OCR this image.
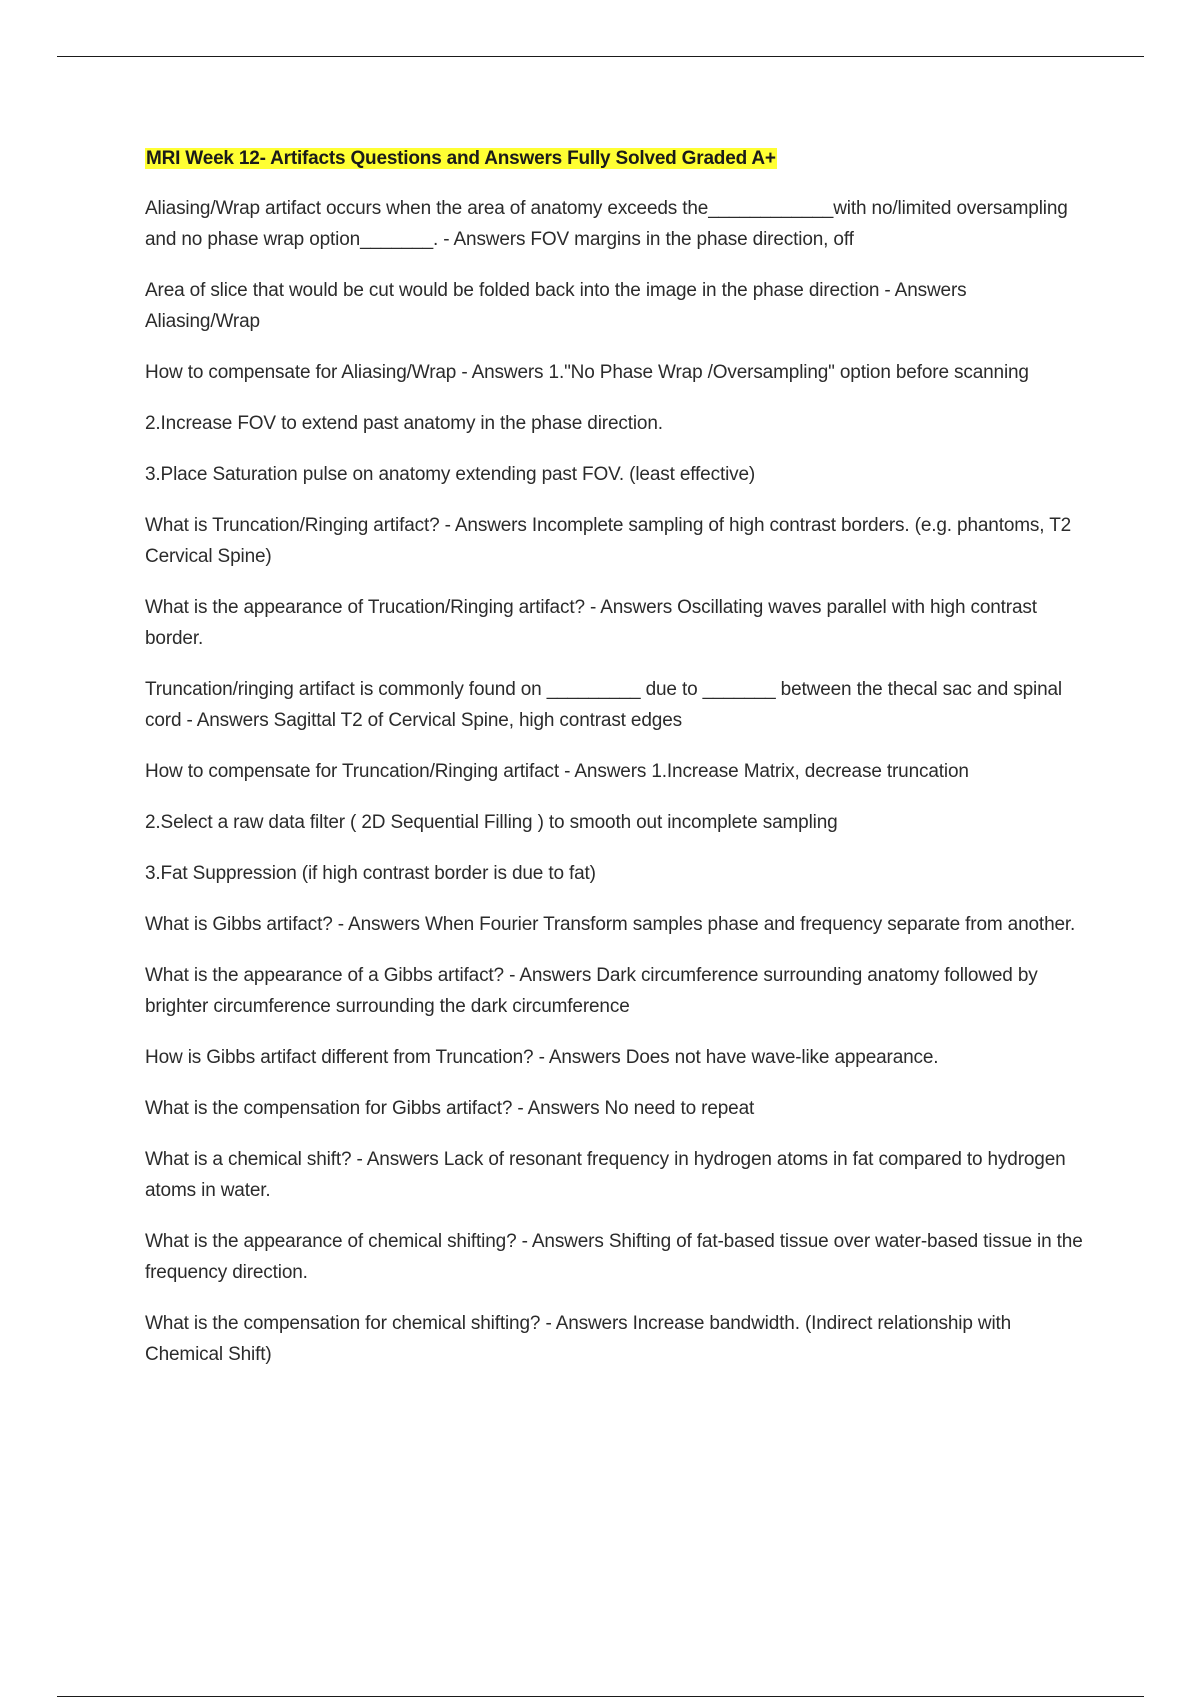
MRI Week 12- Artifacts Questions and Answers Fully Solved Graded A+

Aliasing/Wrap artifact occurs when the area of anatomy exceeds the____________with no/limited oversampling and no phase wrap option_______. - Answers FOV margins in the phase direction, off

Area of slice that would be cut would be folded back into the image in the phase direction - Answers Aliasing/Wrap

How to compensate for Aliasing/Wrap - Answers 1."No Phase Wrap /Oversampling" option before scanning

2.Increase FOV to extend past anatomy in the phase direction.

3.Place Saturation pulse on anatomy extending past FOV. (least effective)

What is Truncation/Ringing artifact? - Answers Incomplete sampling of high contrast borders. (e.g. phantoms, T2 Cervical Spine)

What is the appearance of Trucation/Ringing artifact? - Answers Oscillating waves parallel with high contrast border.

Truncation/ringing artifact is commonly found on _________ due to _______ between the thecal sac and spinal cord - Answers Sagittal T2 of Cervical Spine, high contrast edges

How to compensate for Truncation/Ringing artifact - Answers 1.Increase Matrix, decrease truncation

2.Select a raw data filter ( 2D Sequential Filling ) to smooth out incomplete sampling

3.Fat Suppression (if high contrast border is due to fat)

What is Gibbs artifact? - Answers When Fourier Transform samples phase and frequency separate from another.

What is the appearance of a Gibbs artifact? - Answers Dark circumference surrounding anatomy followed by brighter circumference surrounding the dark circumference

How is Gibbs artifact different from Truncation? - Answers Does not have wave-like appearance.

What is the compensation for Gibbs artifact? - Answers No need to repeat

What is a chemical shift? - Answers Lack of resonant frequency in hydrogen atoms in fat compared to hydrogen atoms in water.

What is the appearance of chemical shifting? - Answers Shifting of fat-based tissue over water-based tissue in the frequency direction.

What is the compensation for chemical shifting? - Answers Increase bandwidth. (Indirect relationship with Chemical Shift)
